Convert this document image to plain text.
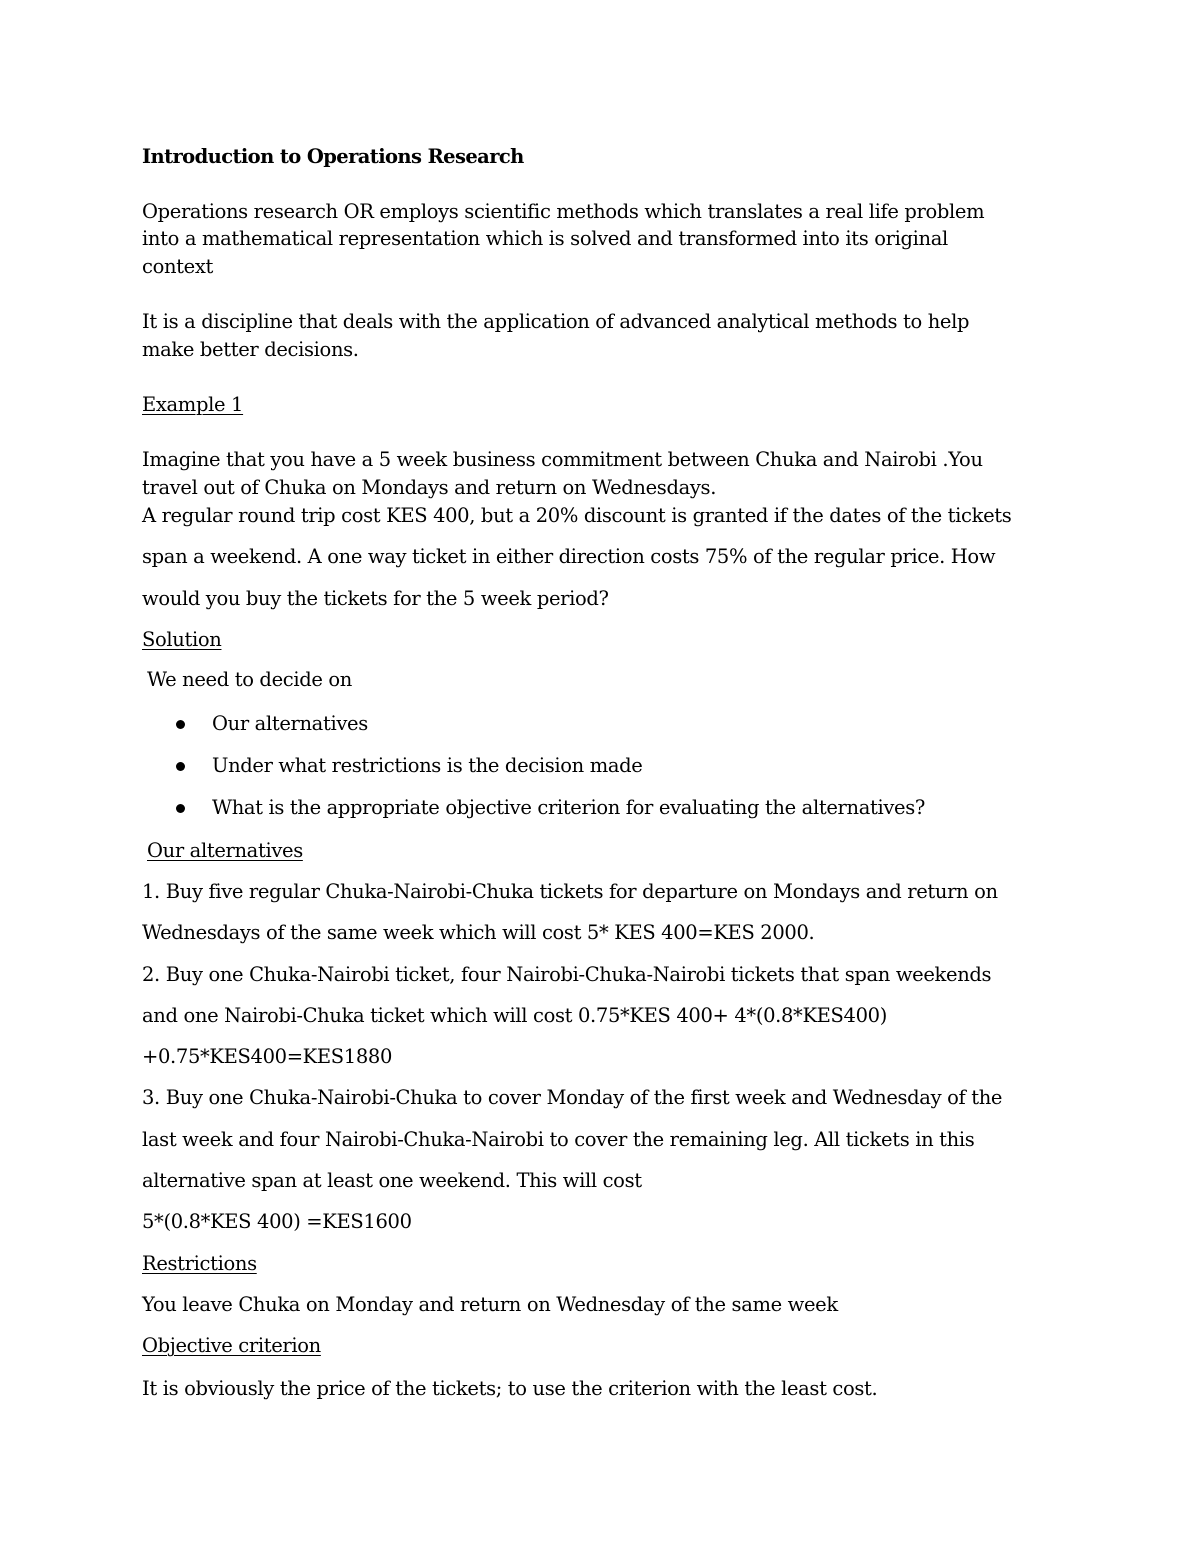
Introduction to Operations Research
Operations research OR employs scientific methods which translates a real life problem
into a mathematical representation which is solved and transformed into its original
context
It is a discipline that deals with the application of advanced analytical methods to help
make better decisions.
Example 1
Imagine that you have a 5 week business commitment between Chuka and Nairobi .You
travel out of Chuka on Mondays and return on Wednesdays.
A regular round trip cost KES 400, but a 20% discount is granted if the dates of the tickets
span a weekend. A one way ticket in either direction costs 75% of the regular price. How
would you buy the tickets for the 5 week period?
Solution
We need to decide on
Our alternatives
Under what restrictions is the decision made
What is the appropriate objective criterion for evaluating the alternatives?
Our alternatives
1. Buy five regular Chuka-Nairobi-Chuka tickets for departure on Mondays and return on
Wednesdays of the same week which will cost 5* KES 400=KES 2000.
2. Buy one Chuka-Nairobi ticket, four Nairobi-Chuka-Nairobi tickets that span weekends
and one Nairobi-Chuka ticket which will cost 0.75*KES 400+ 4*(0.8*KES400)
+0.75*KES400=KES1880
3. Buy one Chuka-Nairobi-Chuka to cover Monday of the first week and Wednesday of the
last week and four Nairobi-Chuka-Nairobi to cover the remaining leg. All tickets in this
alternative span at least one weekend. This will cost
5*(0.8*KES 400) =KES1600
Restrictions
You leave Chuka on Monday and return on Wednesday of the same week
Objective criterion
It is obviously the price of the tickets; to use the criterion with the least cost.
